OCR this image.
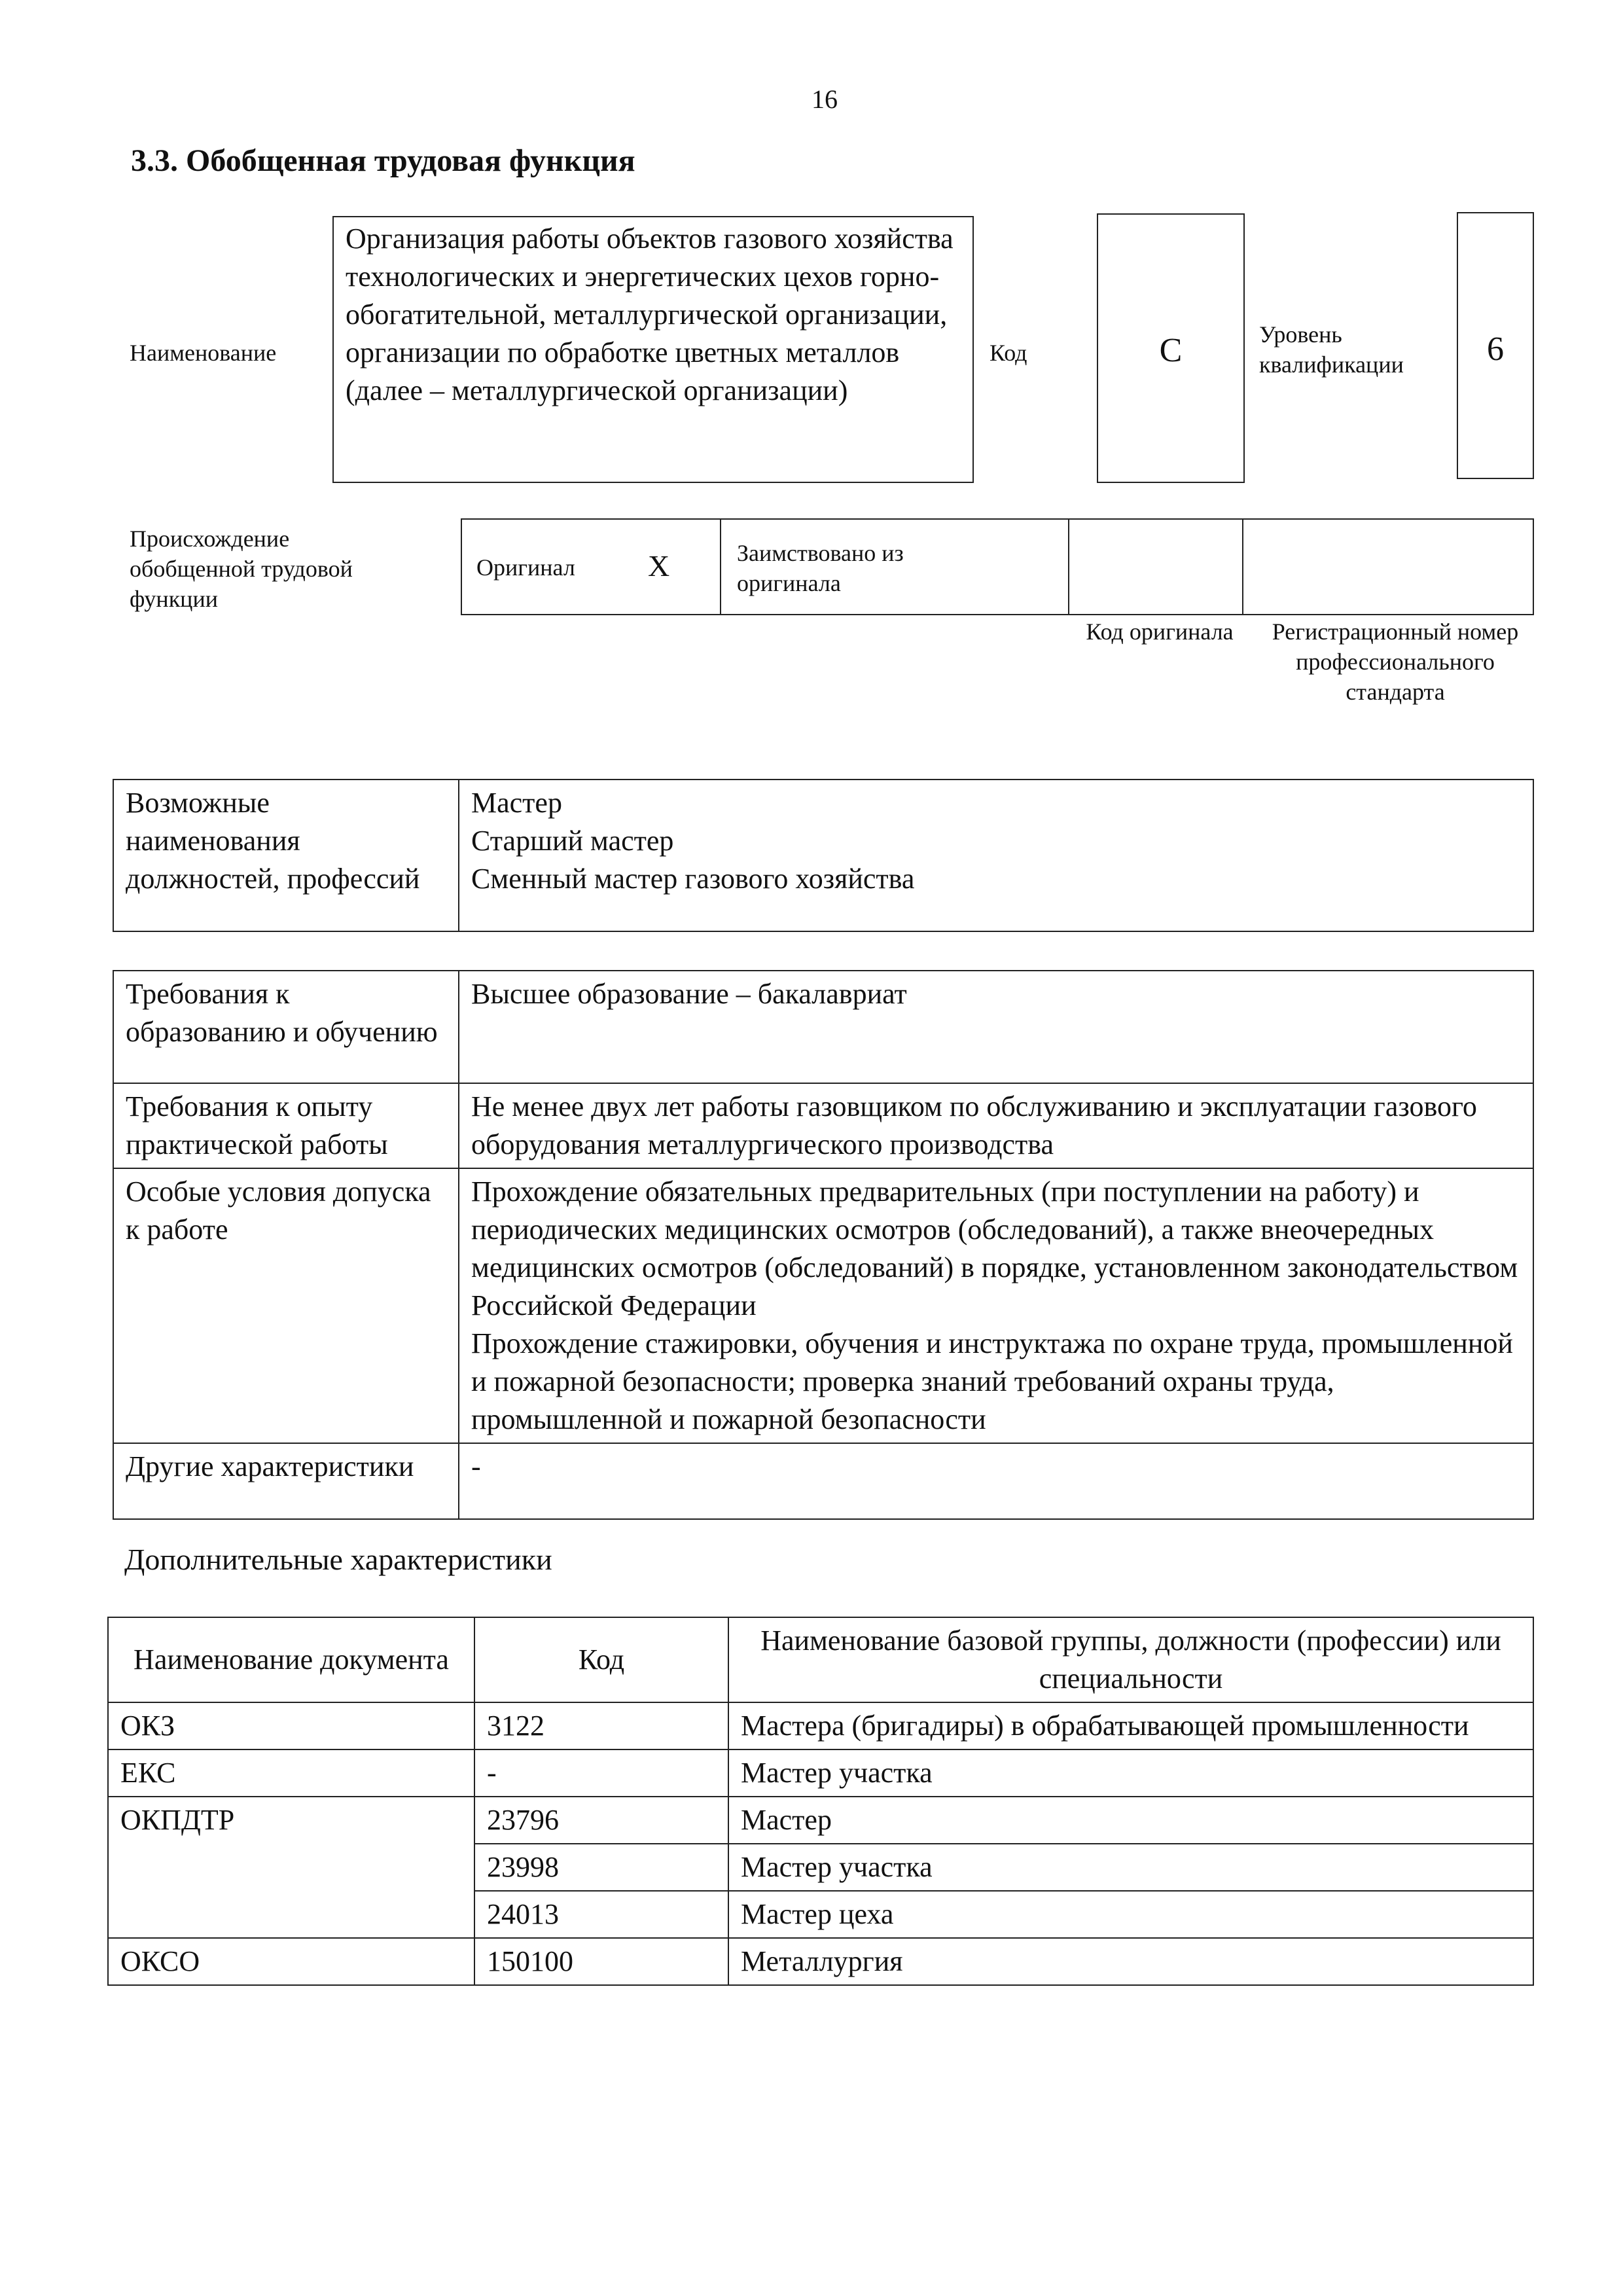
16
3.3. Обобщенная трудовая функция
Наименование
Организация работы объектов газового хозяйства технологических и энергетических цехов горно-обогатительной, металлургической организации, организации по обработке цветных металлов (далее – металлургической организации)
Код	C	Уровень квалификации	6
Происхождение обобщенной трудовой функции
Оригинал X	Заимствовано из оригинала
Код оригинала	Регистрационный номер профессионального стандарта
Возможные наименования должностей, профессий	
Мастер
Старший мастер
Сменный мастер газового хозяйства
Требования к образованию и обучению	Высшее образование – бакалавриат
Требования к опыту практической работы	Не менее двух лет работы газовщиком по обслуживанию и эксплуатации газового оборудования металлургического производства
Особые условия допуска к работе	Прохождение обязательных предварительных (при поступлении на работу) и периодических медицинских осмотров (обследований), а также внеочередных медицинских осмотров (обследований) в порядке, установленном законодательством Российской Федерации
Прохождение стажировки, обучения и инструктажа по охране труда, промышленной и пожарной безопасности; проверка знаний требований охраны труда, промышленной и пожарной безопасности

Другие характеристики	-
Дополнительные характеристики
Наименование документа	Код	Наименование базовой группы, должности (профессии) или специальности
ОКЗ	3122	Мастера (бригадиры) в обрабатывающей промышленности
ЕКС	-	Мастер участка
ОКПДТР	23796	Мастер
	23998	Мастер участка
	24013	Мастер цеха
ОКСО	150100	Металлургия
